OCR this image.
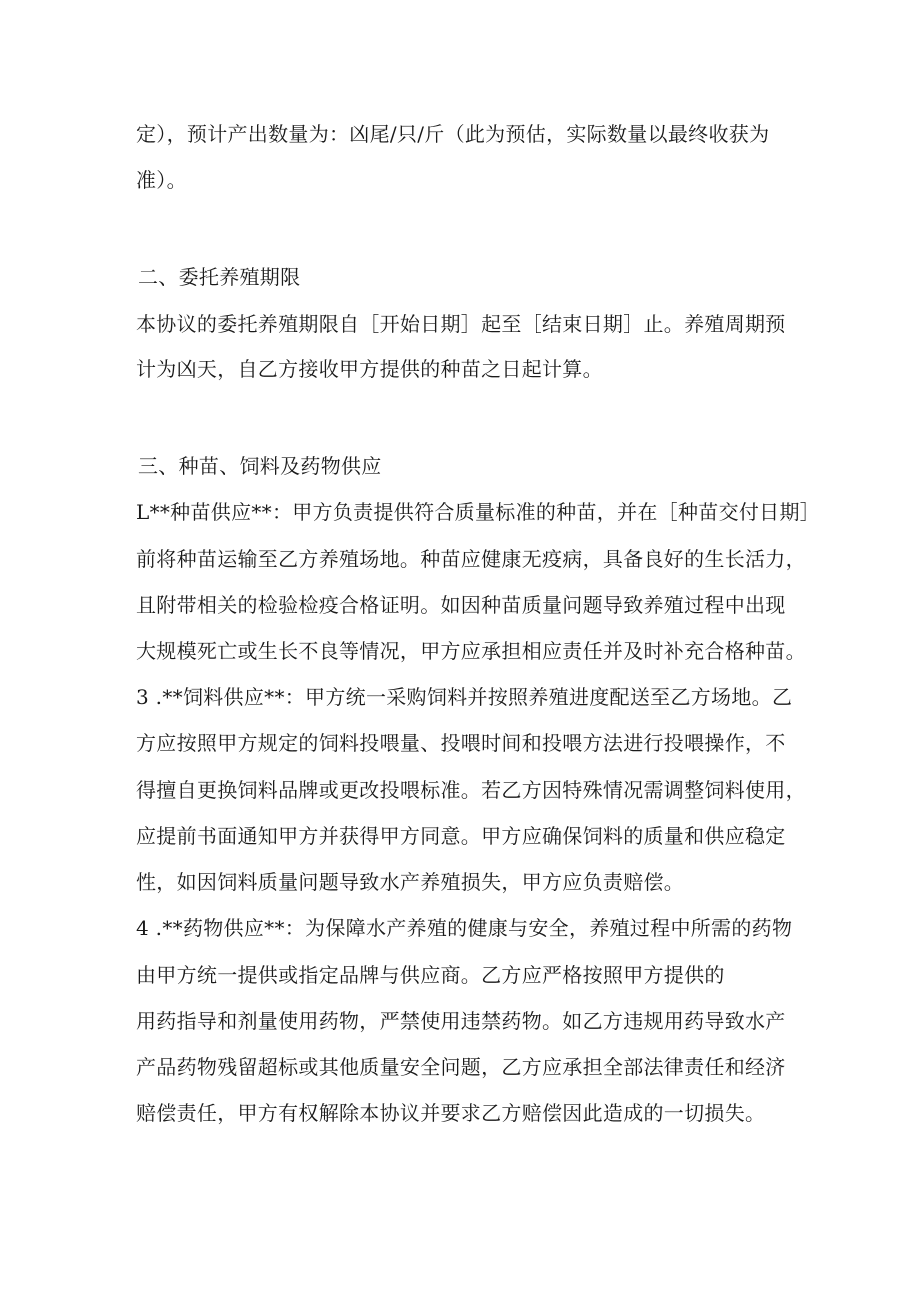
定），预计产出数量为：凶尾/只/斤（此为预估，实际数量以最终收获为
准）。
二、委托养殖期限
本协议的委托养殖期限自［开始日期］起至［结束日期］止。养殖周期预
计为凶天，自乙方接收甲方提供的种苗之日起计算。
三、种苗、饲料及药物供应
L**种苗供应**：甲方负责提供符合质量标准的种苗，并在［种苗交付日期］
前将种苗运输至乙方养殖场地。种苗应健康无疫病，具备良好的生长活力，
且附带相关的检验检疫合格证明。如因种苗质量问题导致养殖过程中出现
大规模死亡或生长不良等情况，甲方应承担相应责任并及时补充合格种苗。
3 .**饲料供应**：甲方统一采购饲料并按照养殖进度配送至乙方场地。乙
方应按照甲方规定的饲料投喂量、投喂时间和投喂方法进行投喂操作，不
得擅自更换饲料品牌或更改投喂标准。若乙方因特殊情况需调整饲料使用，
应提前书面通知甲方并获得甲方同意。甲方应确保饲料的质量和供应稳定
性，如因饲料质量问题导致水产养殖损失，甲方应负责赔偿。
4 .**药物供应**：为保障水产养殖的健康与安全，养殖过程中所需的药物
由甲方统一提供或指定品牌与供应商。乙方应严格按照甲方提供的
用药指导和剂量使用药物，严禁使用违禁药物。如乙方违规用药导致水产
产品药物残留超标或其他质量安全问题，乙方应承担全部法律责任和经济
赔偿责任，甲方有权解除本协议并要求乙方赔偿因此造成的一切损失。
